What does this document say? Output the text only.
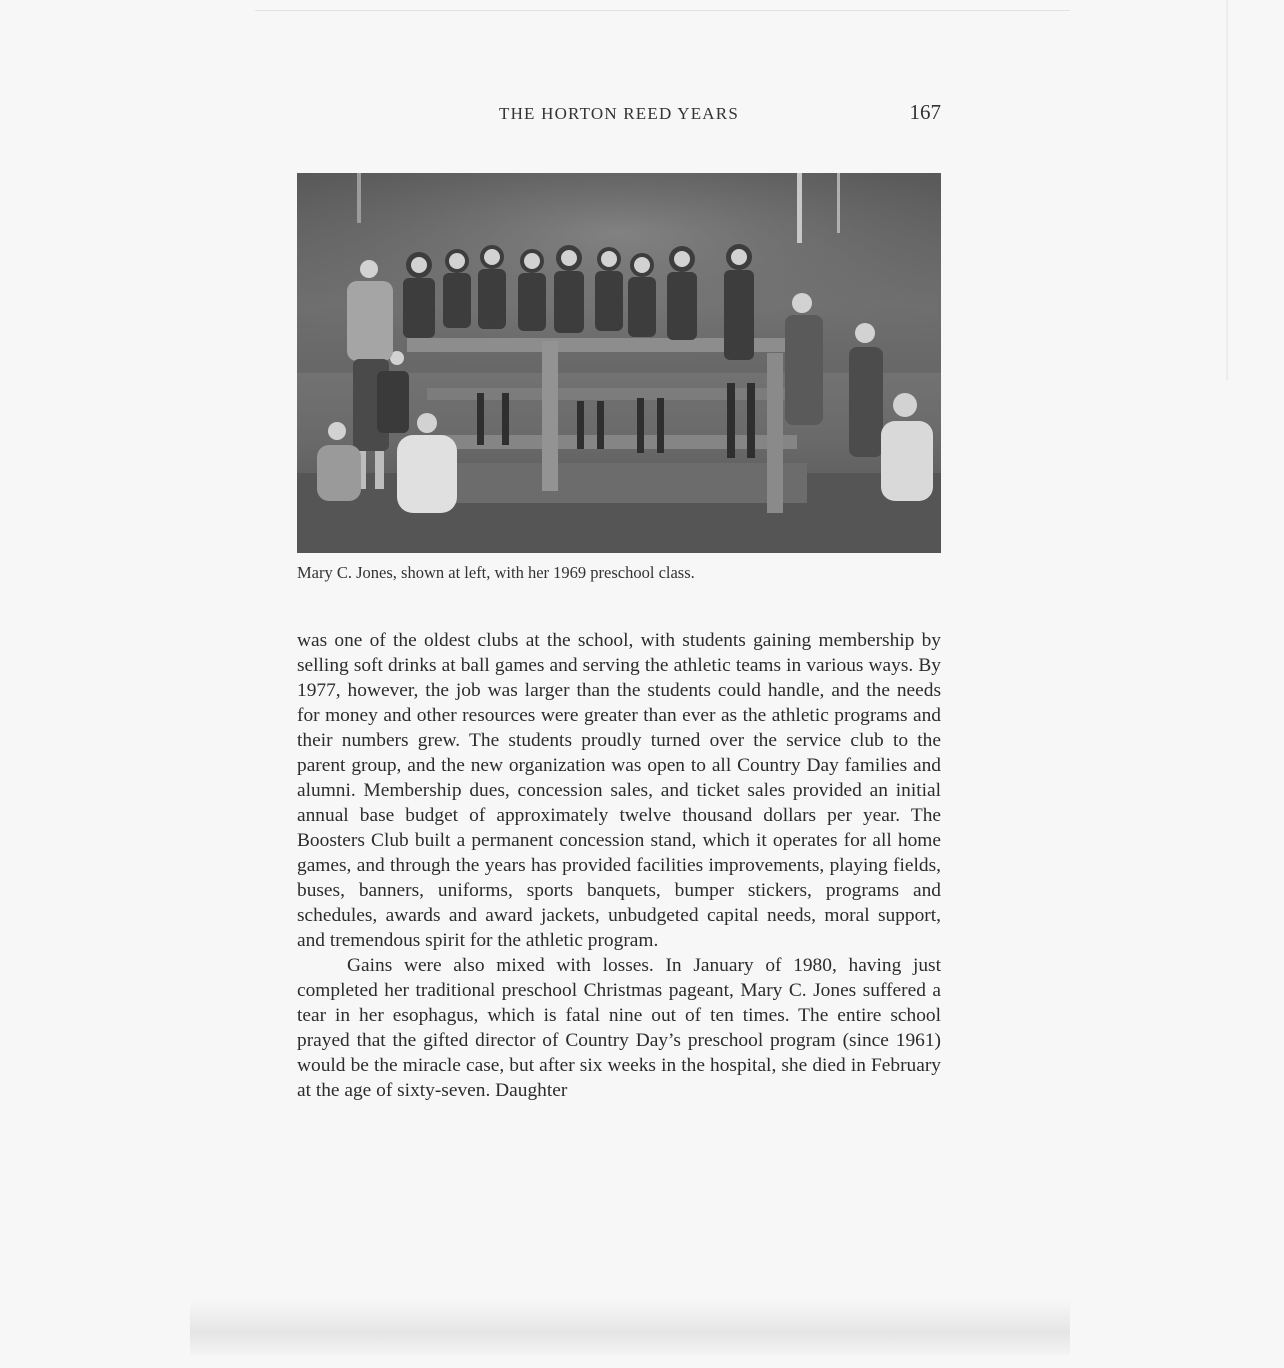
THE HORTON REED YEARS	167
Mary C. Jones, shown at left, with her 1969 preschool class.

was one of the oldest clubs at the school, with students gaining membership by selling soft drinks at ball games and serving the athletic teams in various ways. By 1977, however, the job was larger than the students could handle, and the needs for money and other resources were greater than ever as the athletic programs and their numbers grew. The students proudly turned over the service club to the parent group, and the new organization was open to all Country Day families and alumni. Membership dues, concession sales, and ticket sales provided an initial annual base budget of approximately twelve thousand dollars per year. The Boosters Club built a permanent concession stand, which it operates for all home games, and through the years has provided facilities improvements, playing fields, buses, banners, uniforms, sports banquets, bumper stickers, programs and schedules, awards and award jackets, unbudgeted capital needs, moral support, and tremendous spirit for the athletic program.

Gains were also mixed with losses. In January of 1980, having just completed her traditional preschool Christmas pageant, Mary C. Jones suffered a tear in her esophagus, which is fatal nine out of ten times. The entire school prayed that the gifted director of Country Day’s preschool program (since 1961) would be the miracle case, but after six weeks in the hospital, she died in February at the age of sixty-seven. Daughter
